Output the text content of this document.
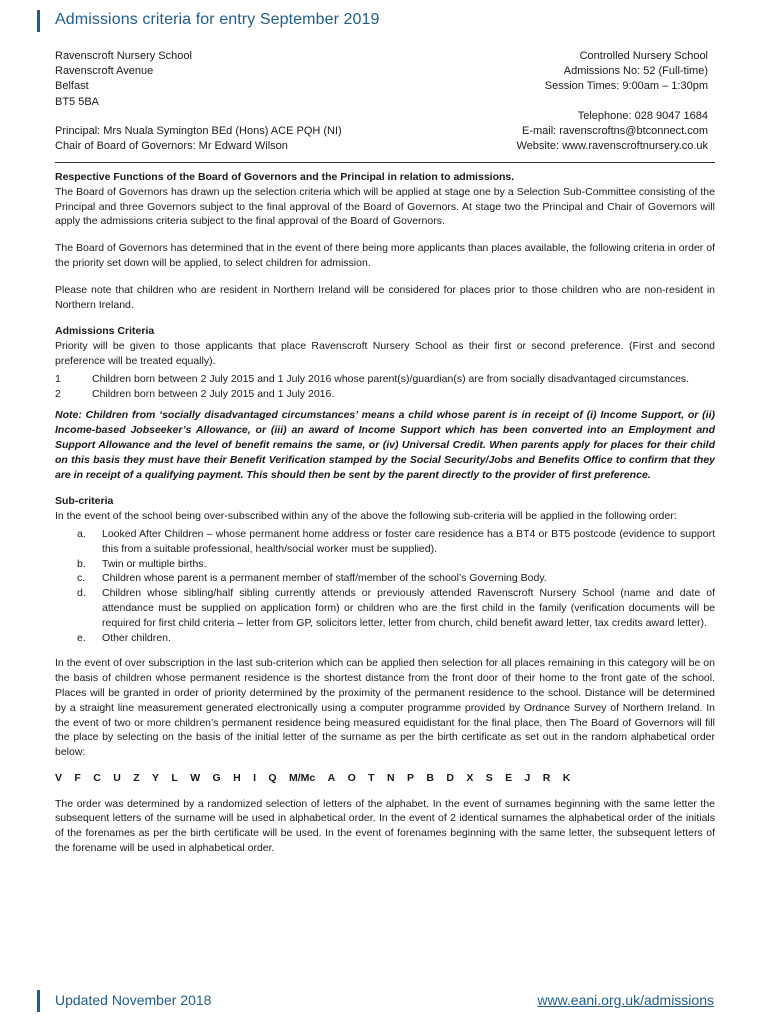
Admissions criteria for entry September 2019
Ravenscroft Nursery School
Ravenscroft Avenue
Belfast
BT5 5BA
Controlled Nursery School
Admissions No: 52 (Full-time)
Session Times: 9:00am – 1:30pm
Telephone: 028 9047 1684
E-mail: ravenscroftns@btconnect.com
Website: www.ravenscroftnursery.co.uk
Principal: Mrs Nuala Symington BEd (Hons) ACE PQH (NI)
Chair of Board of Governors: Mr Edward Wilson

Respective Functions of the Board of Governors and the Principal in relation to admissions.

The Board of Governors has drawn up the selection criteria which will be applied at stage one by a Selection Sub-Committee consisting of the Principal and three Governors subject to the final approval of the Board of Governors. At stage two the Principal and Chair of Governors will apply the admissions criteria subject to the final approval of the Board of Governors.

The Board of Governors has determined that in the event of there being more applicants than places available, the following criteria in order of the priority set down will be applied, to select children for admission.

Please note that children who are resident in Northern Ireland will be considered for places prior to those children who are non-resident in Northern Ireland.

Admissions Criteria

Priority will be given to those applicants that place Ravenscroft Nursery School as their first or second preference. (First and second preference will be treated equally).

1	Children born between 2 July 2015 and 1 July 2016 whose parent(s)/guardian(s) are from socially disadvantaged circumstances.
2	Children born between 2 July 2015 and 1 July 2016.

Note: Children from ‘socially disadvantaged circumstances’ means a child whose parent is in receipt of (i) Income Support, or (ii) Income-based Jobseeker’s Allowance, or (iii) an award of Income Support which has been converted into an Employment and Support Allowance and the level of benefit remains the same, or (iv) Universal Credit. When parents apply for places for their child on this basis they must have their Benefit Verification stamped by the Social Security/Jobs and Benefits Office to confirm that they are in receipt of a qualifying payment. This should then be sent by the parent directly to the provider of first preference.

Sub-criteria

In the event of the school being over-subscribed within any of the above the following sub-criteria will be applied in the following order:

a.	Looked After Children – whose permanent home address or foster care residence has a BT4 or BT5 postcode (evidence to support this from a suitable professional, health/social worker must be supplied).
b.	Twin or multiple births.
c.	Children whose parent is a permanent member of staff/member of the school’s Governing Body.
d.	Children whose sibling/half sibling currently attends or previously attended Ravenscroft Nursery School (name and date of attendance must be supplied on application form) or children who are the first child in the family (verification documents will be required for first child criteria – letter from GP, solicitors letter, letter from church, child benefit award letter, tax credits award letter).
e.	Other children.

In the event of over subscription in the last sub-criterion which can be applied then selection for all places remaining in this category will be on the basis of children whose permanent residence is the shortest distance from the front door of their home to the front gate of the school. Places will be granted in order of priority determined by the proximity of the permanent residence to the school. Distance will be determined by a straight line measurement generated electronically using a computer programme provided by Ordnance Survey of Northern Ireland. In the event of two or more children’s permanent residence being measured equidistant for the final place, then The Board of Governors will fill the place by selecting on the basis of the initial letter of the surname as per the birth certificate as set out in the random alphabetical order below:

V F C U Z Y L W G H I Q M/Mc A O T N P B D X S E J R K

The order was determined by a randomized selection of letters of the alphabet. In the event of surnames beginning with the same letter the subsequent letters of the surname will be used in alphabetical order. In the event of 2 identical surnames the alphabetical order of the initials of the forenames as per the birth certificate will be used. In the event of forenames beginning with the same letter, the subsequent letters of the forename will be used in alphabetical order.

Updated November 2018	www.eani.org.uk/admissions
